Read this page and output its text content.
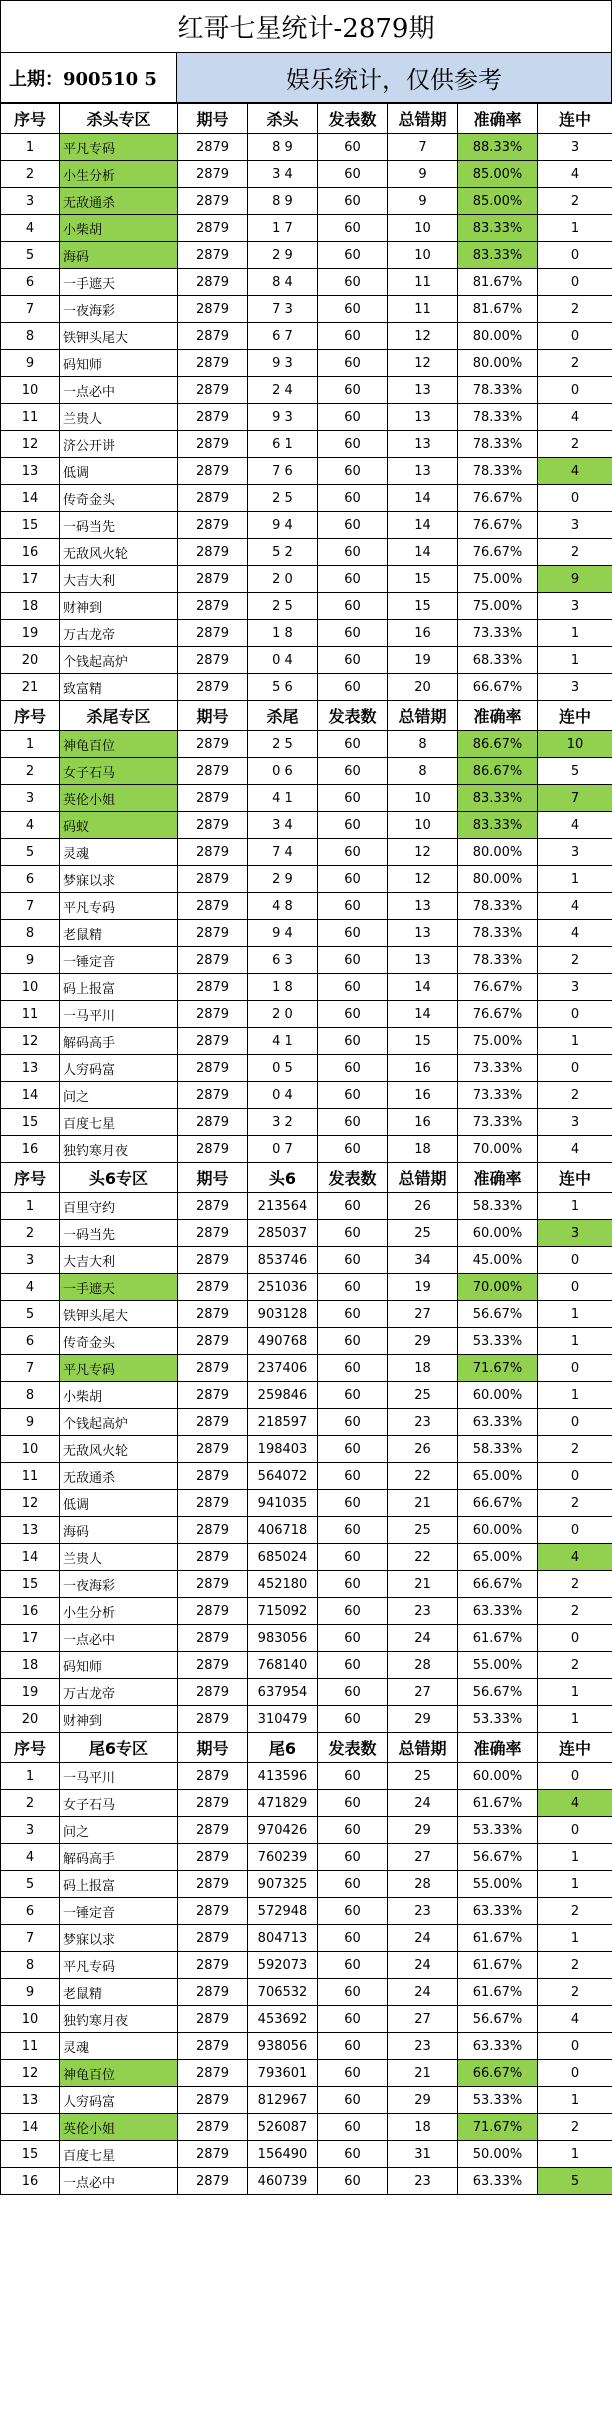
红哥七星统计-2879期
上期：900510 5	娱乐统计，仅供参考
序号	杀头专区	期号	杀头	发表数	总错期	准确率	连中
1	平凡专码	2879	8 9	60	7	88.33%	3
2	小生分析	2879	3 4	60	9	85.00%	4
3	无敌通杀	2879	8 9	60	9	85.00%	2
4	小柴胡	2879	1 7	60	10	83.33%	1
5	海码	2879	2 9	60	10	83.33%	0
6	一手遮天	2879	8 4	60	11	81.67%	0
7	一夜海彩	2879	7 3	60	11	81.67%	2
8	铁钾头尾大	2879	6 7	60	12	80.00%	0
9	码知师	2879	9 3	60	12	80.00%	2
10	一点必中	2879	2 4	60	13	78.33%	0
11	兰贵人	2879	9 3	60	13	78.33%	4
12	济公开讲	2879	6 1	60	13	78.33%	2
13	低调	2879	7 6	60	13	78.33%	4
14	传奇金头	2879	2 5	60	14	76.67%	0
15	一码当先	2879	9 4	60	14	76.67%	3
16	无敌风火轮	2879	5 2	60	14	76.67%	2
17	大吉大利	2879	2 0	60	15	75.00%	9
18	财神到	2879	2 5	60	15	75.00%	3
19	万古龙帝	2879	1 8	60	16	73.33%	1
20	个钱起高炉	2879	0 4	60	19	68.33%	1
21	致富精	2879	5 6	60	20	66.67%	3
序号	杀尾专区	期号	杀尾	发表数	总错期	准确率	连中
1	神龟百位	2879	2 5	60	8	86.67%	10
2	女子石马	2879	0 6	60	8	86.67%	5
3	英伦小姐	2879	4 1	60	10	83.33%	7
4	码蚁	2879	3 4	60	10	83.33%	4
5	灵魂	2879	7 4	60	12	80.00%	3
6	梦寐以求	2879	2 9	60	12	80.00%	1
7	平凡专码	2879	4 8	60	13	78.33%	4
8	老鼠精	2879	9 4	60	13	78.33%	4
9	一锤定音	2879	6 3	60	13	78.33%	2
10	码上报富	2879	1 8	60	14	76.67%	3
11	一马平川	2879	2 0	60	14	76.67%	0
12	解码高手	2879	4 1	60	15	75.00%	1
13	人穷码富	2879	0 5	60	16	73.33%	0
14	问之	2879	0 4	60	16	73.33%	2
15	百度七星	2879	3 2	60	16	73.33%	3
16	独钓寒月夜	2879	0 7	60	18	70.00%	4
序号	头6专区	期号	头6	发表数	总错期	准确率	连中
1	百里守约	2879	213564	60	26	58.33%	1
2	一码当先	2879	285037	60	25	60.00%	3
3	大吉大利	2879	853746	60	34	45.00%	0
4	一手遮天	2879	251036	60	19	70.00%	0
5	铁钾头尾大	2879	903128	60	27	56.67%	1
6	传奇金头	2879	490768	60	29	53.33%	1
7	平凡专码	2879	237406	60	18	71.67%	0
8	小柴胡	2879	259846	60	25	60.00%	1
9	个钱起高炉	2879	218597	60	23	63.33%	0
10	无敌风火轮	2879	198403	60	26	58.33%	2
11	无敌通杀	2879	564072	60	22	65.00%	0
12	低调	2879	941035	60	21	66.67%	2
13	海码	2879	406718	60	25	60.00%	0
14	兰贵人	2879	685024	60	22	65.00%	4
15	一夜海彩	2879	452180	60	21	66.67%	2
16	小生分析	2879	715092	60	23	63.33%	2
17	一点必中	2879	983056	60	24	61.67%	0
18	码知师	2879	768140	60	28	55.00%	2
19	万古龙帝	2879	637954	60	27	56.67%	1
20	财神到	2879	310479	60	29	53.33%	1
序号	尾6专区	期号	尾6	发表数	总错期	准确率	连中
1	一马平川	2879	413596	60	25	60.00%	0
2	女子石马	2879	471829	60	24	61.67%	4
3	问之	2879	970426	60	29	53.33%	0
4	解码高手	2879	760239	60	27	56.67%	1
5	码上报富	2879	907325	60	28	55.00%	1
6	一锤定音	2879	572948	60	23	63.33%	2
7	梦寐以求	2879	804713	60	24	61.67%	1
8	平凡专码	2879	592073	60	24	61.67%	2
9	老鼠精	2879	706532	60	24	61.67%	2
10	独钓寒月夜	2879	453692	60	27	56.67%	4
11	灵魂	2879	938056	60	23	63.33%	0
12	神龟百位	2879	793601	60	21	66.67%	0
13	人穷码富	2879	812967	60	29	53.33%	1
14	英伦小姐	2879	526087	60	18	71.67%	2
15	百度七星	2879	156490	60	31	50.00%	1
16	一点必中	2879	460739	60	23	63.33%	5
